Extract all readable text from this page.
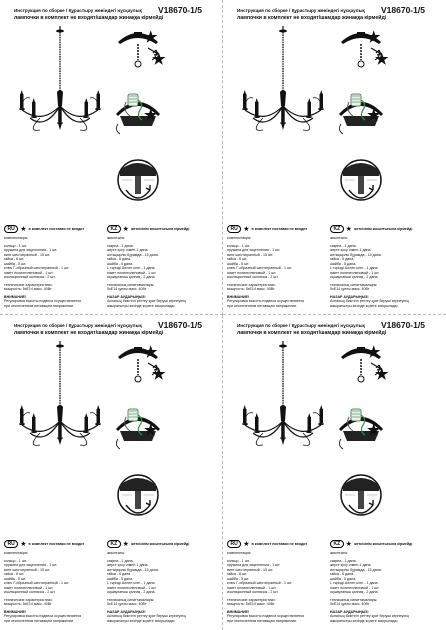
Инструкция по сборке / Құрастыру жөніндегі нұсқаулық	V18670-1/5
лампочки в комплект не входят/шамдар жинаққа кірмейді
★
★
★
RU ★ в комплект поставки не входит
комплектация:
кольцо - 1 шт.
пружина для зацепления - 1 шт.
винт шестигранный - 15 шт.
гайка - 6 шт.
шайба - 5 шт.
ключ Г-образный шестигранный - 1 шт.
пакет полиэтиленовый - 1 шт.
изоляционный колпачок - 2 шт.
технические характеристики:
мощность: 5хЕ14 макс. 40Вт
ВНИМАНИЕ!
Регулировка высоты подвеса осуществляется
при отключенном питающем напряжении.
KZ ★ жеткізілім жиынтығына кірмейді
жиынтығы:
сақина - 1 дана.
жерге қосу ілмегі-1 дана.
алтықырлы бұрамда - 15 дана.
гайка - 6 дана.
шайба - 5 дана.
L тәрізді Аллен кілті - 1 дана.
пакет полиэтиленовый - 1 шт.
оқшаулағыш қалпақ - 2 дана.
техникалық сипаттамалары:
5хЕ14 қуаты макс. 40Вт
НАЗАР АУДАРЫҢЫЗ!
Аспаның биіктігін реттеу қуат беруші кернеуінің
ажыратылуы кезінде жүзеге асырылады
Инструкция по сборке / Құрастыру жөніндегі нұсқаулық	V18670-1/5
лампочки в комплект не входят/шамдар жинаққа кірмейді
★
★
★
RU ★ в комплект поставки не входит
комплектация:
кольцо - 1 шт.
пружина для зацепления - 1 шт.
винт шестигранный - 15 шт.
гайка - 6 шт.
шайба - 5 шт.
ключ Г-образный шестигранный - 1 шт.
пакет полиэтиленовый - 1 шт.
изоляционный колпачок - 2 шт.
технические характеристики:
мощность: 5хЕ14 макс. 40Вт
ВНИМАНИЕ!
Регулировка высоты подвеса осуществляется
при отключенном питающем напряжении.
KZ ★ жеткізілім жиынтығына кірмейді
жиынтығы:
сақина - 1 дана.
жерге қосу ілмегі-1 дана.
алтықырлы бұрамда - 15 дана.
гайка - 6 дана.
шайба - 5 дана.
L тәрізді Аллен кілті - 1 дана.
пакет полиэтиленовый - 1 шт.
оқшаулағыш қалпақ - 2 дана.
техникалық сипаттамалары:
5хЕ14 қуаты макс. 40Вт
НАЗАР АУДАРЫҢЫЗ!
Аспаның биіктігін реттеу қуат беруші кернеуінің
ажыратылуы кезінде жүзеге асырылады
Инструкция по сборке / Құрастыру жөніндегі нұсқаулық	V18670-1/5
лампочки в комплект не входят/шамдар жинаққа кірмейді
★
★
★
RU ★ в комплект поставки не входит
комплектация:
кольцо - 1 шт.
пружина для зацепления - 1 шт.
винт шестигранный - 15 шт.
гайка - 6 шт.
шайба - 5 шт.
ключ Г-образный шестигранный - 1 шт.
пакет полиэтиленовый - 1 шт.
изоляционный колпачок - 2 шт.
технические характеристики:
мощность: 5хЕ14 макс. 40Вт
ВНИМАНИЕ!
Регулировка высоты подвеса осуществляется
при отключенном питающем напряжении.
KZ ★ жеткізілім жиынтығына кірмейді
жиынтығы:
сақина - 1 дана.
жерге қосу ілмегі-1 дана.
алтықырлы бұрамда - 15 дана.
гайка - 6 дана.
шайба - 5 дана.
L тәрізді Аллен кілті - 1 дана.
пакет полиэтиленовый - 1 шт.
оқшаулағыш қалпақ - 2 дана.
техникалық сипаттамалары:
5хЕ14 қуаты макс. 40Вт
НАЗАР АУДАРЫҢЫЗ!
Аспаның биіктігін реттеу қуат беруші кернеуінің
ажыратылуы кезінде жүзеге асырылады
Инструкция по сборке / Құрастыру жөніндегі нұсқаулық	V18670-1/5
лампочки в комплект не входят/шамдар жинаққа кірмейді
★
★
★
RU ★ в комплект поставки не входит
комплектация:
кольцо - 1 шт.
пружина для зацепления - 1 шт.
винт шестигранный - 15 шт.
гайка - 6 шт.
шайба - 5 шт.
ключ Г-образный шестигранный - 1 шт.
пакет полиэтиленовый - 1 шт.
изоляционный колпачок - 2 шт.
технические характеристики:
мощность: 5хЕ14 макс. 40Вт
ВНИМАНИЕ!
Регулировка высоты подвеса осуществляется
при отключенном питающем напряжении.
KZ ★ жеткізілім жиынтығына кірмейді
жиынтығы:
сақина - 1 дана.
жерге қосу ілмегі-1 дана.
алтықырлы бұрамда - 15 дана.
гайка - 6 дана.
шайба - 5 дана.
L тәрізді Аллен кілті - 1 дана.
пакет полиэтиленовый - 1 шт.
оқшаулағыш қалпақ - 2 дана.
техникалық сипаттамалары:
5хЕ14 қуаты макс. 40Вт
НАЗАР АУДАРЫҢЫЗ!
Аспаның биіктігін реттеу қуат беруші кернеуінің
ажыратылуы кезінде жүзеге асырылады
